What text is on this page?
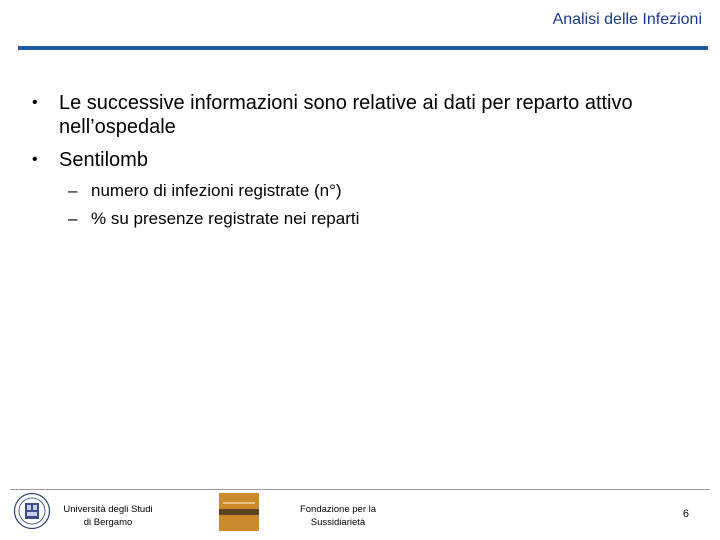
Analisi delle Infezioni
• Le successive informazioni sono relative ai dati per reparto attivo nell’ospedale
• Sentilomb
– numero di infezioni registrate (n°)
– % su presenze registrate nei reparti
Università degli Studi
di Bergamo
Fondazione per la
Sussidiarietà
6
